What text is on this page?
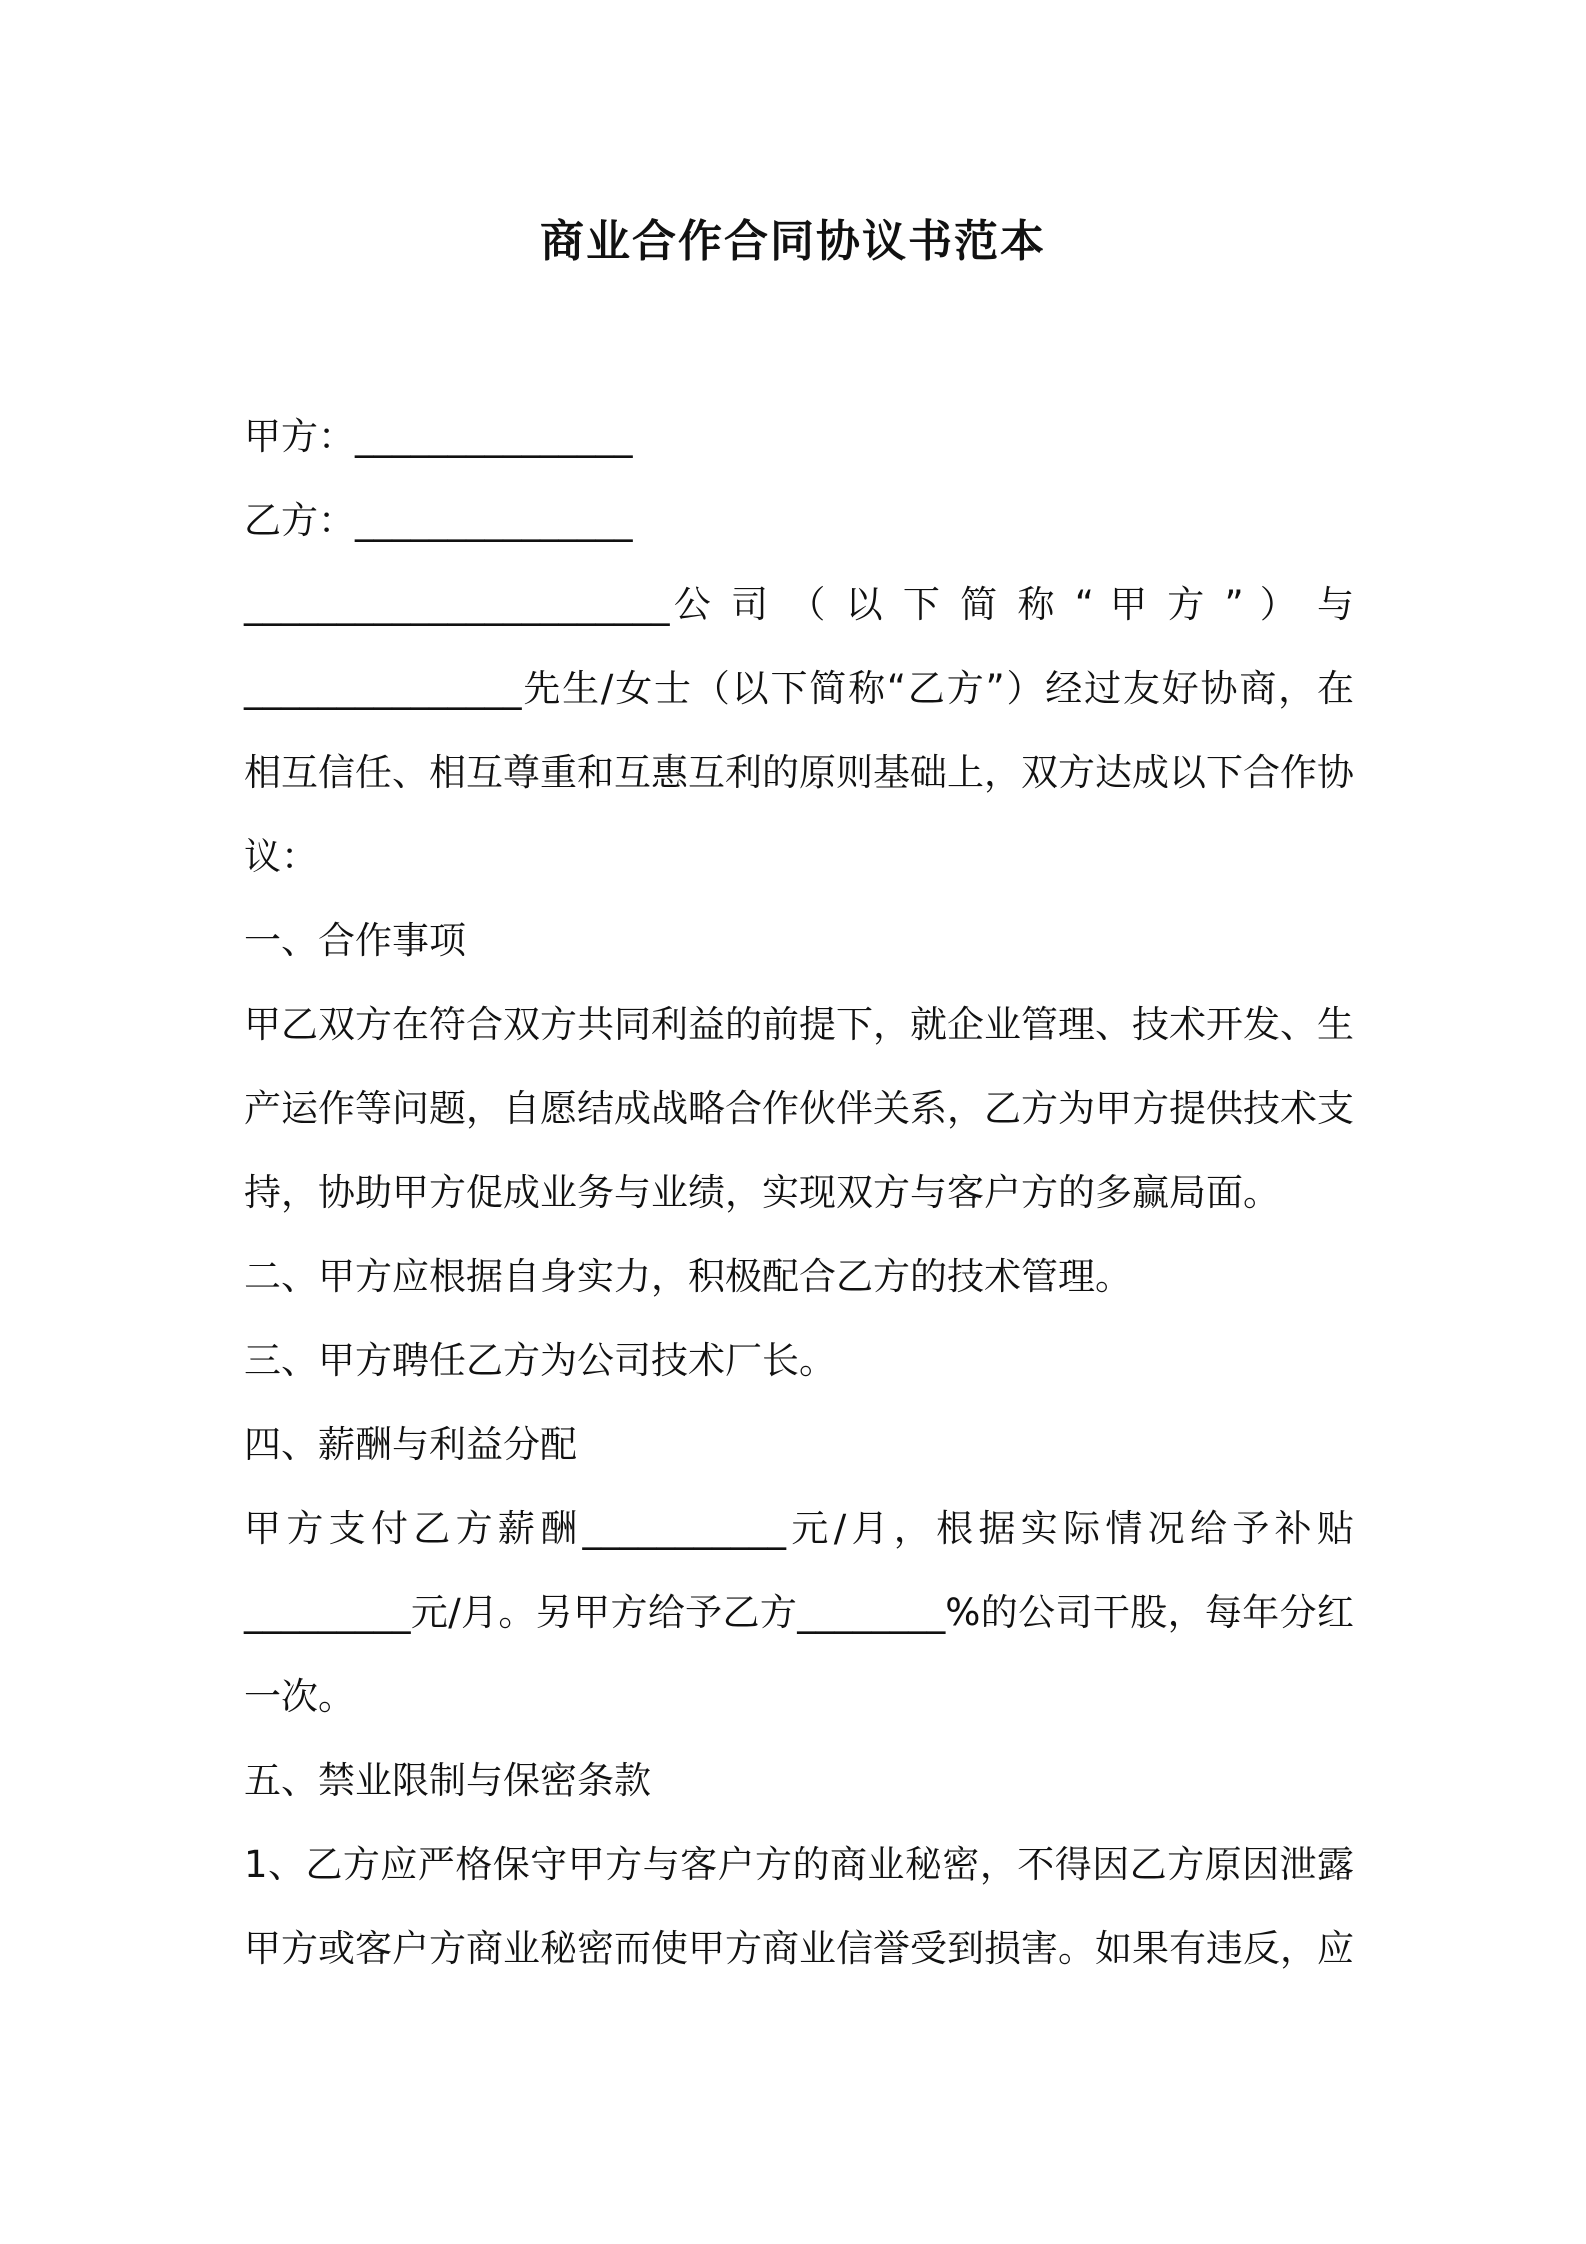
商业合作合同协议书范本
甲方：_______________
乙方：_______________
_______________________公 司 （ 以 下 简 称 “ 甲 方 ” ） 与
_______________先生/女士（以下简称“乙方”）经过友好协商，在
相互信任、相互尊重和互惠互利的原则基础上，双方达成以下合作协
议：
一、合作事项
甲乙双方在符合双方共同利益的前提下，就企业管理、技术开发、生
产运作等问题，自愿结成战略合作伙伴关系，乙方为甲方提供技术支
持，协助甲方促成业务与业绩，实现双方与客户方的多赢局面。
二、甲方应根据自身实力，积极配合乙方的技术管理。
三、甲方聘任乙方为公司技术厂长。
四、薪酬与利益分配
甲方支付乙方薪酬___________元/月，根据实际情况给予补贴
_________元/月。另甲方给予乙方________%的公司干股，每年分红
一次。
五、禁业限制与保密条款
1、乙方应严格保守甲方与客户方的商业秘密，不得因乙方原因泄露
甲方或客户方商业秘密而使甲方商业信誉受到损害。如果有违反，应
